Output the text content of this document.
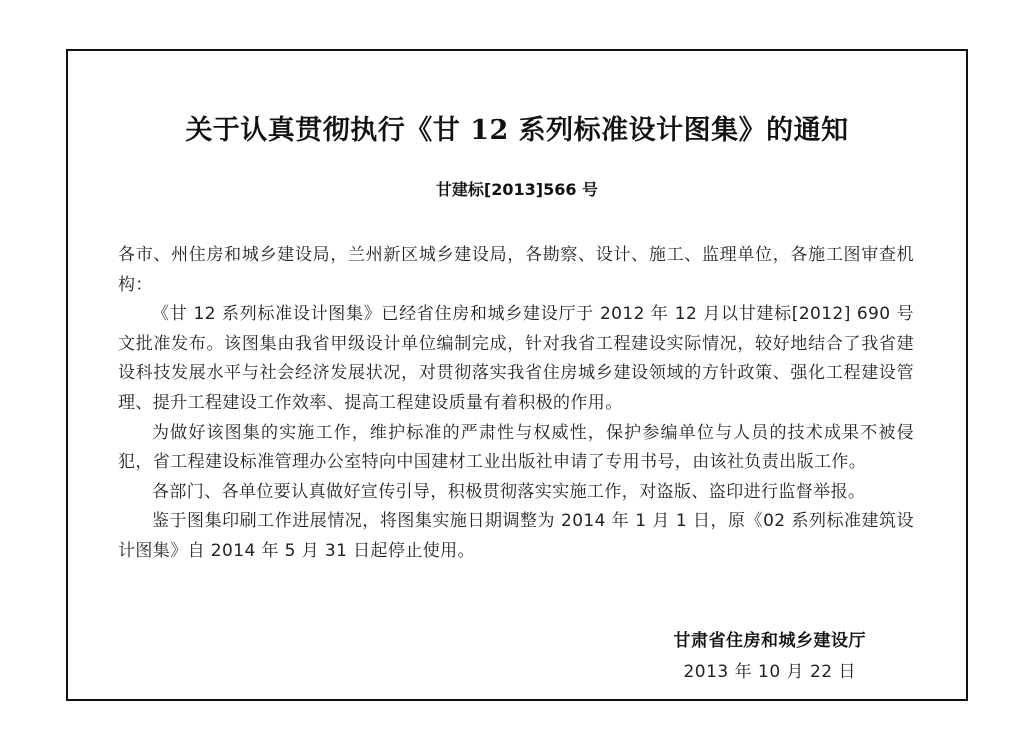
关于认真贯彻执行《甘 12 系列标准设计图集》的通知
甘建标[2013]566 号

各市、州住房和城乡建设局，兰州新区城乡建设局，各勘察、设计、施工、监理单位，各施工图审查机构：

《甘 12 系列标准设计图集》已经省住房和城乡建设厅于 2012 年 12 月以甘建标[2012] 690 号文批准发布。该图集由我省甲级设计单位编制完成，针对我省工程建设实际情况，较好地结合了我省建设科技发展水平与社会经济发展状况，对贯彻落实我省住房城乡建设领域的方针政策、强化工程建设管理、提升工程建设工作效率、提高工程建设质量有着积极的作用。

为做好该图集的实施工作，维护标准的严肃性与权威性，保护参编单位与人员的技术成果不被侵犯，省工程建设标准管理办公室特向中国建材工业出版社申请了专用书号，由该社负责出版工作。

各部门、各单位要认真做好宣传引导，积极贯彻落实实施工作，对盗版、盗印进行监督举报。

鉴于图集印刷工作进展情况，将图集实施日期调整为 2014 年 1 月 1 日，原《02 系列标准建筑设计图集》自 2014 年 5 月 31 日起停止使用。

甘肃省住房和城乡建设厅
2013 年 10 月 22 日
